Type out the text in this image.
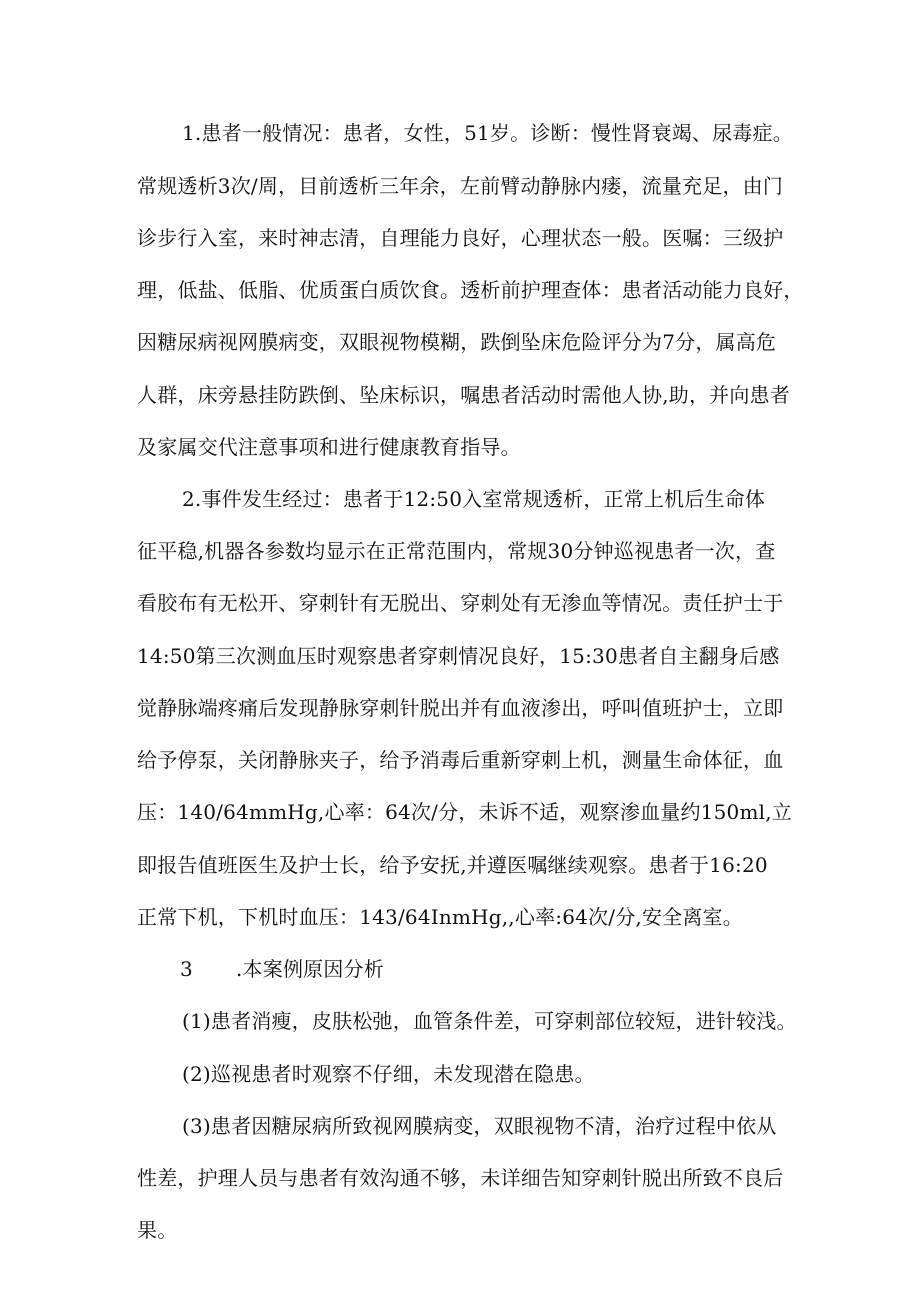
1.患者一般情况：患者，女性，51岁。诊断：慢性肾衰竭、尿毒症。
常规透析3次/周，目前透析三年余，左前臂动静脉内瘘，流量充足，由门
诊步行入室，来时神志清，自理能力良好，心理状态一般。医嘱：三级护
理，低盐、低脂、优质蛋白质饮食。透析前护理查体：患者活动能力良好，
因糖尿病视网膜病变，双眼视物模糊，跌倒坠床危险评分为7分，属高危
人群，床旁悬挂防跌倒、坠床标识，嘱患者活动时需他人协,助，并向患者
及家属交代注意事项和进行健康教育指导。
2.事件发生经过：患者于12:50入室常规透析，正常上机后生命体
征平稳,机器各参数均显示在正常范围内，常规30分钟巡视患者一次，查
看胶布有无松开、穿刺针有无脱出、穿刺处有无渗血等情况。责任护士于
14:50第三次测血压时观察患者穿刺情况良好，15:30患者自主翻身后感
觉静脉端疼痛后发现静脉穿刺针脱出并有血液渗出，呼叫值班护士，立即
给予停泵，关闭静脉夹子，给予消毒后重新穿刺上机，测量生命体征，血
压：140/64mmHg,心率：64次/分，未诉不适，观察渗血量约150ml,立
即报告值班医生及护士长，给予安抚,并遵医嘱继续观察。患者于16:20
正常下机，下机时血压：143/64InmHg,,心率:64次/分,安全离室。
3 .本案例原因分析
(1)患者消瘦，皮肤松弛，血管条件差，可穿刺部位较短，进针较浅。
(2)巡视患者时观察不仔细，未发现潜在隐患。
(3)患者因糖尿病所致视网膜病变，双眼视物不清，治疗过程中依从
性差，护理人员与患者有效沟通不够，未详细告知穿刺针脱出所致不良后
果。
